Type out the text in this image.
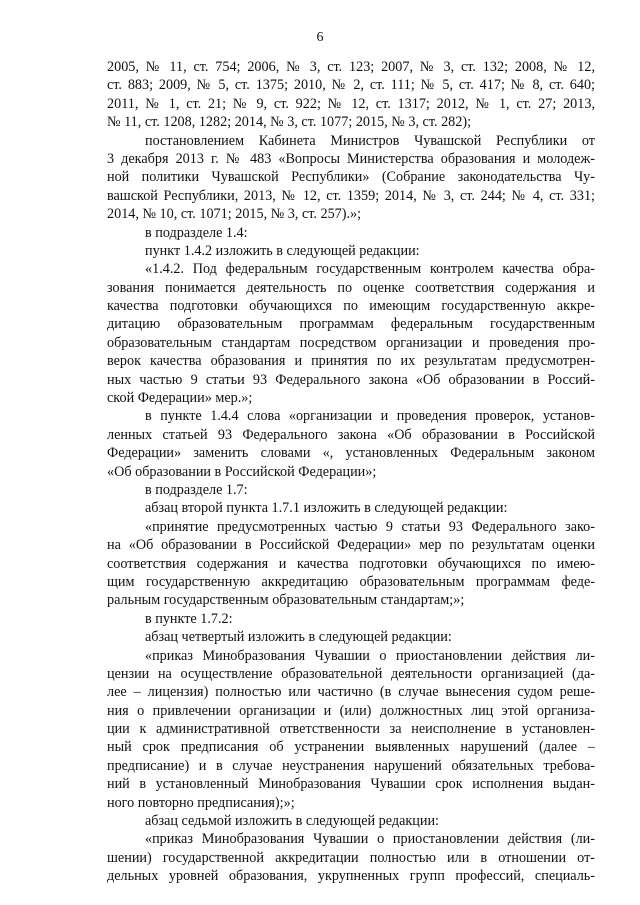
6
2005, № 11, ст. 754; 2006, № 3, ст. 123; 2007, № 3, ст. 132; 2008, № 12,
ст. 883; 2009, № 5, ст. 1375; 2010, № 2, ст. 111; № 5, ст. 417; № 8, ст. 640;
2011, № 1, ст. 21; № 9, ст. 922; № 12, ст. 1317; 2012, № 1, ст. 27; 2013,
№ 11, ст. 1208, 1282; 2014, № 3, ст. 1077; 2015, № 3, ст. 282);
постановлением Кабинета Министров Чувашской Республики от
3 декабря 2013 г. № 483 «Вопросы Министерства образования и молодеж-
ной политики Чувашской Республики» (Собрание законодательства Чу-
вашской Республики, 2013, № 12, ст. 1359; 2014, № 3, ст. 244; № 4, ст. 331;
2014, № 10, ст. 1071; 2015, № 3, ст. 257).»;
в подразделе 1.4:
пункт 1.4.2 изложить в следующей редакции:
«1.4.2. Под федеральным государственным контролем качества обра-
зования понимается деятельность по оценке соответствия содержания и
качества подготовки обучающихся по имеющим государственную аккре-
дитацию образовательным программам федеральным государственным
образовательным стандартам посредством организации и проведения про-
верок качества образования и принятия по их результатам предусмотрен-
ных частью 9 статьи 93 Федерального закона «Об образовании в Россий-
ской Федерации» мер.»;
в пункте 1.4.4 слова «организации и проведения проверок, установ-
ленных статьей 93 Федерального закона «Об образовании в Российской
Федерации» заменить словами «, установленных Федеральным законом
«Об образовании в Российской Федерации»;
в подразделе 1.7:
абзац второй пункта 1.7.1 изложить в следующей редакции:
«принятие предусмотренных частью 9 статьи 93 Федерального зако-
на «Об образовании в Российской Федерации» мер по результатам оценки
соответствия содержания и качества подготовки обучающихся по имею-
щим государственную аккредитацию образовательным программам феде-
ральным государственным образовательным стандартам;»;
в пункте 1.7.2:
абзац четвертый изложить в следующей редакции:
«приказ Минобразования Чувашии о приостановлении действия ли-
цензии на осуществление образовательной деятельности организацией (да-
лее – лицензия) полностью или частично (в случае вынесения судом реше-
ния о привлечении организации и (или) должностных лиц этой организа-
ции к административной ответственности за неисполнение в установлен-
ный срок предписания об устранении выявленных нарушений (далее –
предписание) и в случае неустранения нарушений обязательных требова-
ний в установленный Минобразования Чувашии срок исполнения выдан-
ного повторно предписания);»;
абзац седьмой изложить в следующей редакции:
«приказ Минобразования Чувашии о приостановлении действия (ли-
шении) государственной аккредитации полностью или в отношении от-
дельных уровней образования, укрупненных групп профессий, специаль-
